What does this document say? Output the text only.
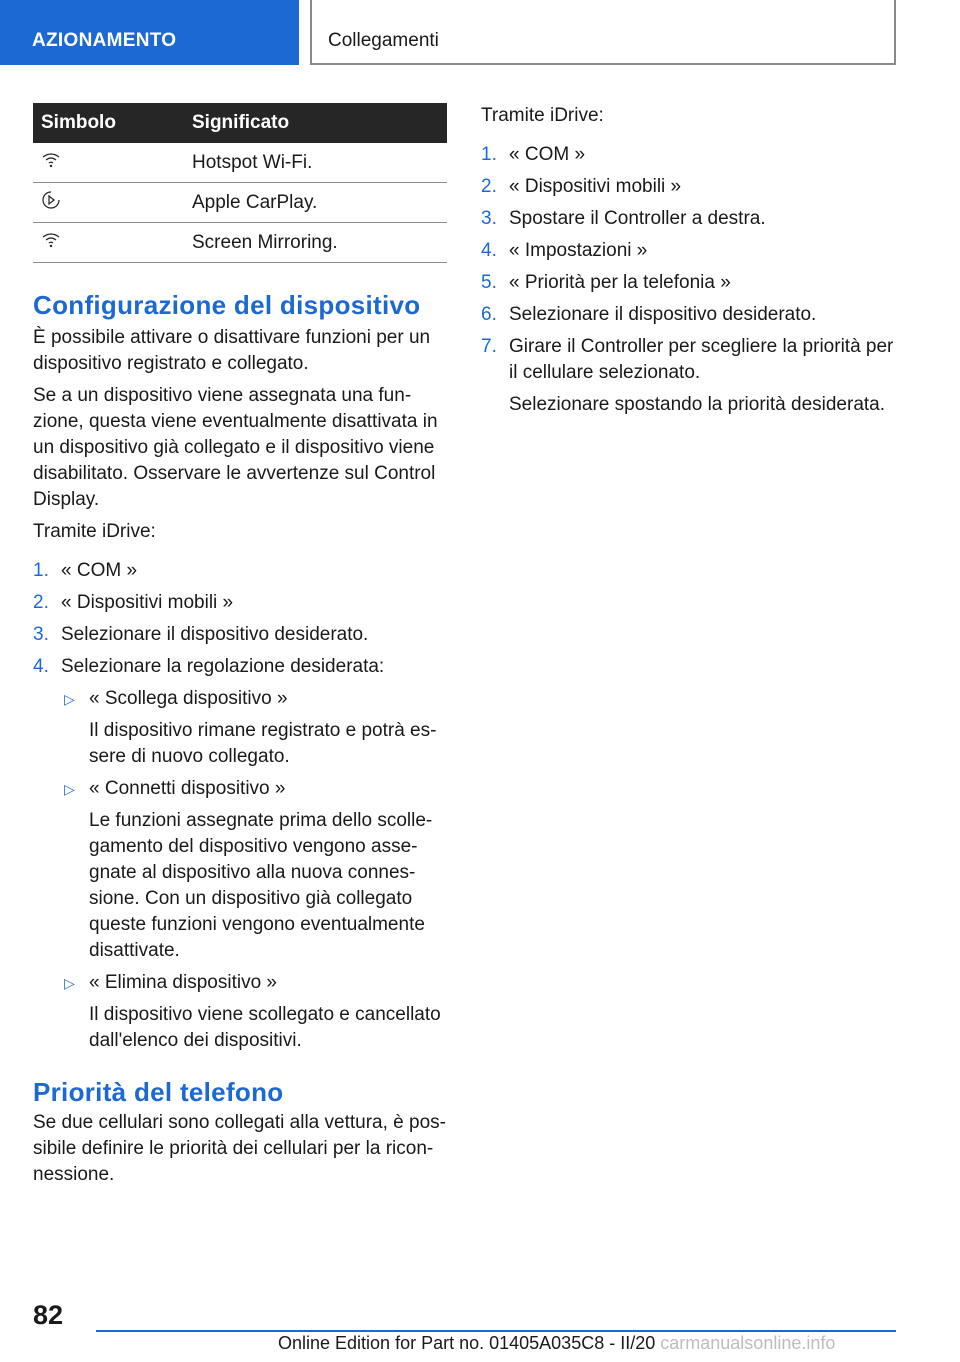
AZIONAMENTO	Collegamenti
Simbolo	Significato
	Hotspot Wi-Fi.
	Apple CarPlay.
	Screen Mirroring.
Configurazione del dispositivo

È possibile attivare o disattivare funzioni per un dispositivo registrato e collegato.

Se a un dispositivo viene assegnata una fun-zione, questa viene eventualmente disattivata in un dispositivo già collegato e il dispositivo viene disabilitato. Osservare le avvertenze sul Control Display.

Tramite iDrive:

1. « COM »
2. « Dispositivi mobili »
3. Selezionare il dispositivo desiderato.
4. Selezionare la regolazione desiderata:
▷ « Scollega dispositivo »
Il dispositivo rimane registrato e potrà es-sere di nuovo collegato.
▷ « Connetti dispositivo »
Le funzioni assegnate prima dello scolle-gamento del dispositivo vengono asse-gnate al dispositivo alla nuova connes-sione. Con un dispositivo già collegato queste funzioni vengono eventualmente disattivate.
▷ « Elimina dispositivo »
Il dispositivo viene scollegato e cancellato dall'elenco dei dispositivi.
Priorità del telefono

Se due cellulari sono collegati alla vettura, è pos-sibile definire le priorità dei cellulari per la ricon-nessione.

Tramite iDrive:

1. « COM »
2. « Dispositivi mobili »
3. Spostare il Controller a destra.
4. « Impostazioni »
5. « Priorità per la telefonia »
6. Selezionare il dispositivo desiderato.
7. Girare il Controller per scegliere la priorità per il cellulare selezionato.
Selezionare spostando la priorità desiderata.
82
Online Edition for Part no. 01405A035C8 - II/20 carmanualsonline.info
